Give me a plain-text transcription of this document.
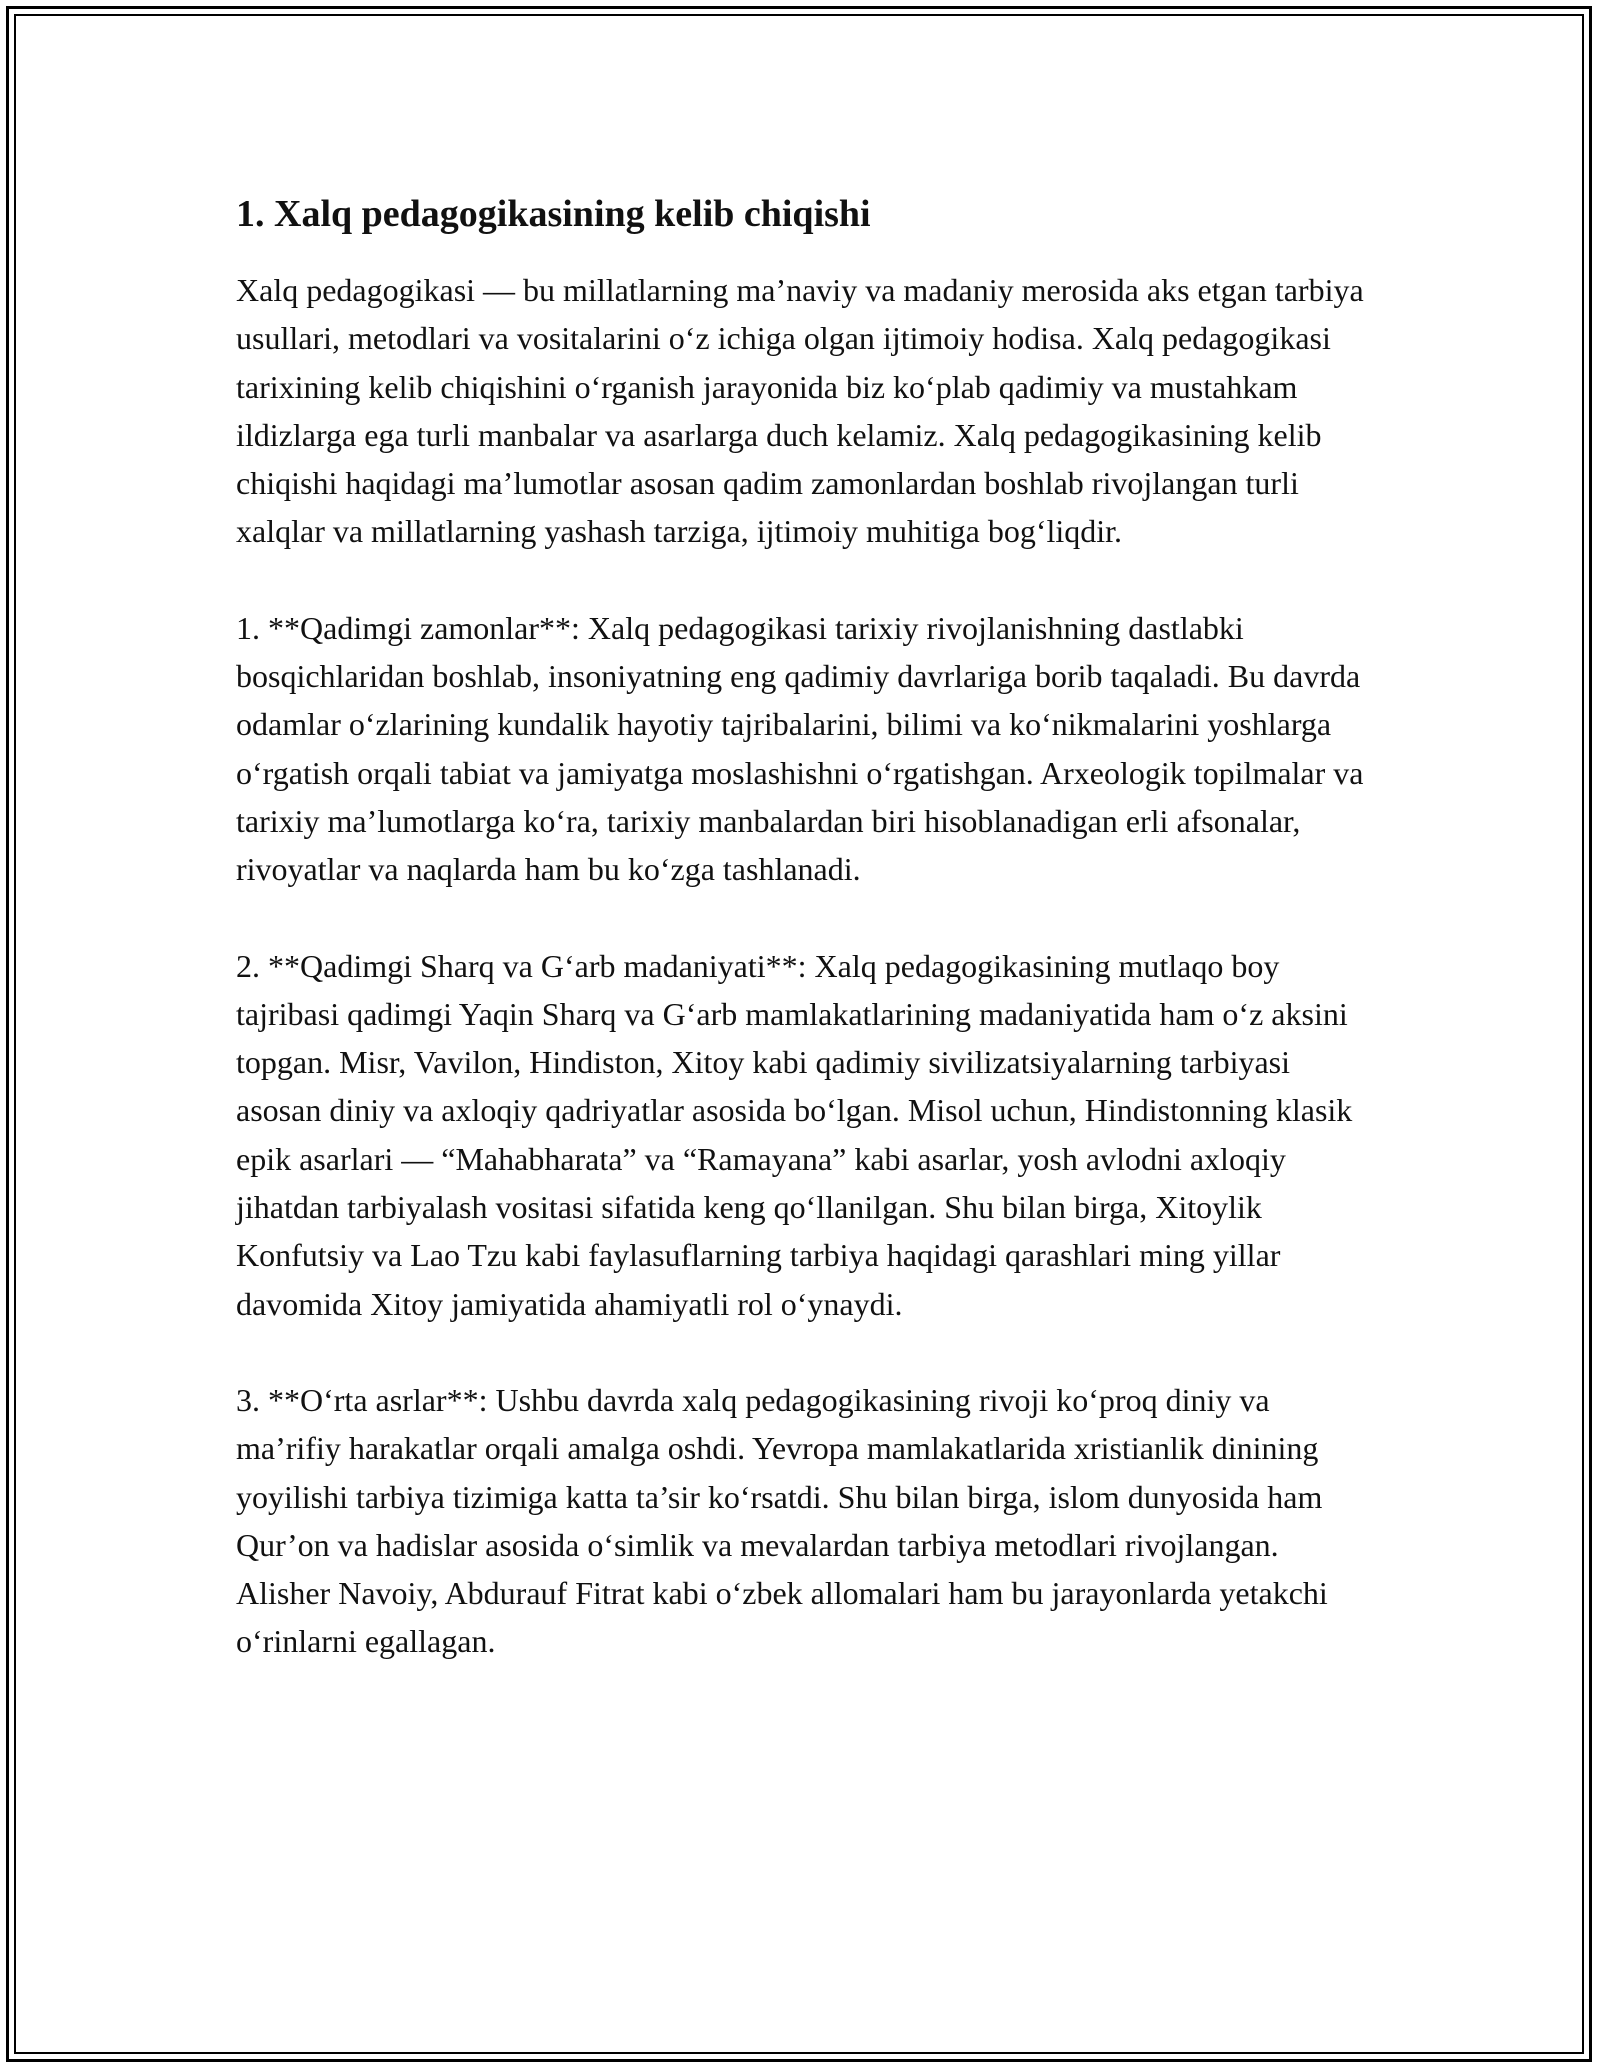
1. Xalq pedagogikasining kelib chiqishi

Xalq pedagogikasi — bu millatlarning ma’naviy va madaniy merosida aks etgan tarbiya usullari, metodlari va vositalarini o‘z ichiga olgan ijtimoiy hodisa. Xalq pedagogikasi tarixining kelib chiqishini o‘rganish jarayonida biz ko‘plab qadimiy va mustahkam ildizlarga ega turli manbalar va asarlarga duch kelamiz. Xalq pedagogikasining kelib chiqishi haqidagi ma’lumotlar asosan qadim zamonlardan boshlab rivojlangan turli xalqlar va millatlarning yashash tarziga, ijtimoiy muhitiga bog‘liqdir.

1. **Qadimgi zamonlar**: Xalq pedagogikasi tarixiy rivojlanishning dastlabki bosqichlaridan boshlab, insoniyatning eng qadimiy davrlariga borib taqaladi. Bu davrda odamlar o‘zlarining kundalik hayotiy tajribalarini, bilimi va ko‘nikmalarini yoshlarga o‘rgatish orqali tabiat va jamiyatga moslashishni o‘rgatishgan. Arxeologik topilmalar va tarixiy ma’lumotlarga ko‘ra, tarixiy manbalardan biri hisoblanadigan erli afsonalar, rivoyatlar va naqlarda ham bu ko‘zga tashlanadi.

2. **Qadimgi Sharq va G‘arb madaniyati**: Xalq pedagogikasining mutlaqo boy tajribasi qadimgi Yaqin Sharq va G‘arb mamlakatlarining madaniyatida ham o‘z aksini topgan. Misr, Vavilon, Hindiston, Xitoy kabi qadimiy sivilizatsiyalarning tarbiyasi asosan diniy va axloqiy qadriyatlar asosida bo‘lgan. Misol uchun, Hindistonning klasik epik asarlari — “Mahabharata” va “Ramayana” kabi asarlar, yosh avlodni axloqiy jihatdan tarbiyalash vositasi sifatida keng qo‘llanilgan. Shu bilan birga, Xitoylik Konfutsiy va Lao Tzu kabi faylasuflarning tarbiya haqidagi qarashlari ming yillar davomida Xitoy jamiyatida ahamiyatli rol o‘ynaydi.

3. **O‘rta asrlar**: Ushbu davrda xalq pedagogikasining rivoji ko‘proq diniy va ma’rifiy harakatlar orqali amalga oshdi. Yevropa mamlakatlarida xristianlik dinining yoyilishi tarbiya tizimiga katta ta’sir ko‘rsatdi. Shu bilan birga, islom dunyosida ham Qur’on va hadislar asosida o‘simlik va mevalardan tarbiya metodlari rivojlangan. Alisher Navoiy, Abdurauf Fitrat kabi o‘zbek allomalari ham bu jarayonlarda yetakchi o‘rinlarni egallagan.
